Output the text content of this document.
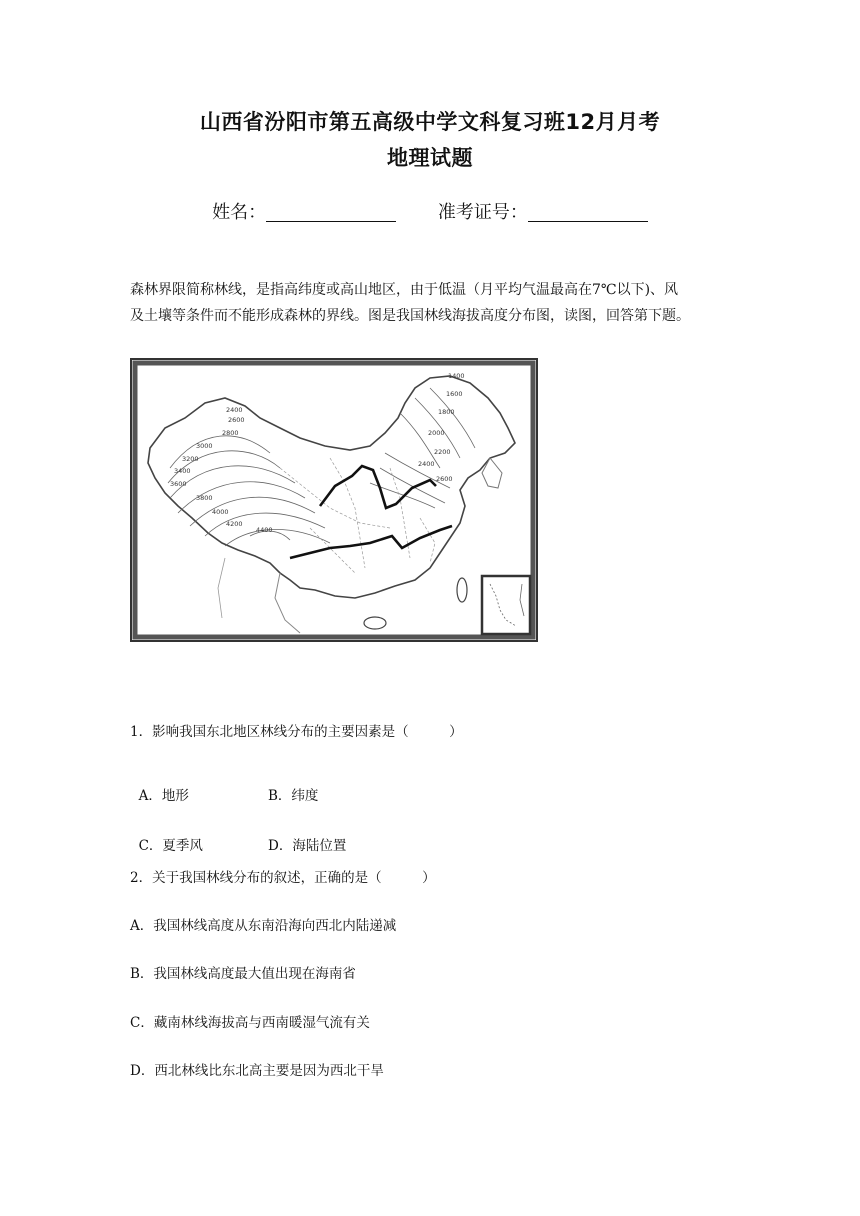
山西省汾阳市第五高级中学文科复习班12月月考
地理试题
姓名：	准考证号：

森林界限简称林线，是指高纬度或高山地区，由于低温（月平均气温最高在7℃以下)、风

及土壤等条件而不能形成森林的界线。图是我国林线海拔高度分布图，读图，回答第下题。

1400
1600
1800
2000
2200
2400
2600
2400
2600
2800
3000
3200
3400
3600
3800
4000
4200
4400
1．影响我国东北地区林线分布的主要因素是（　　　）

A．地形	B．纬度

C．夏季风	D．海陆位置

2．关于我国林线分布的叙述，正确的是（　　　）
A．我国林线高度从东南沿海向西北内陆递减
B．我国林线高度最大值出现在海南省
C．藏南林线海拔高与西南暖湿气流有关
D．西北林线比东北高主要是因为西北干旱
